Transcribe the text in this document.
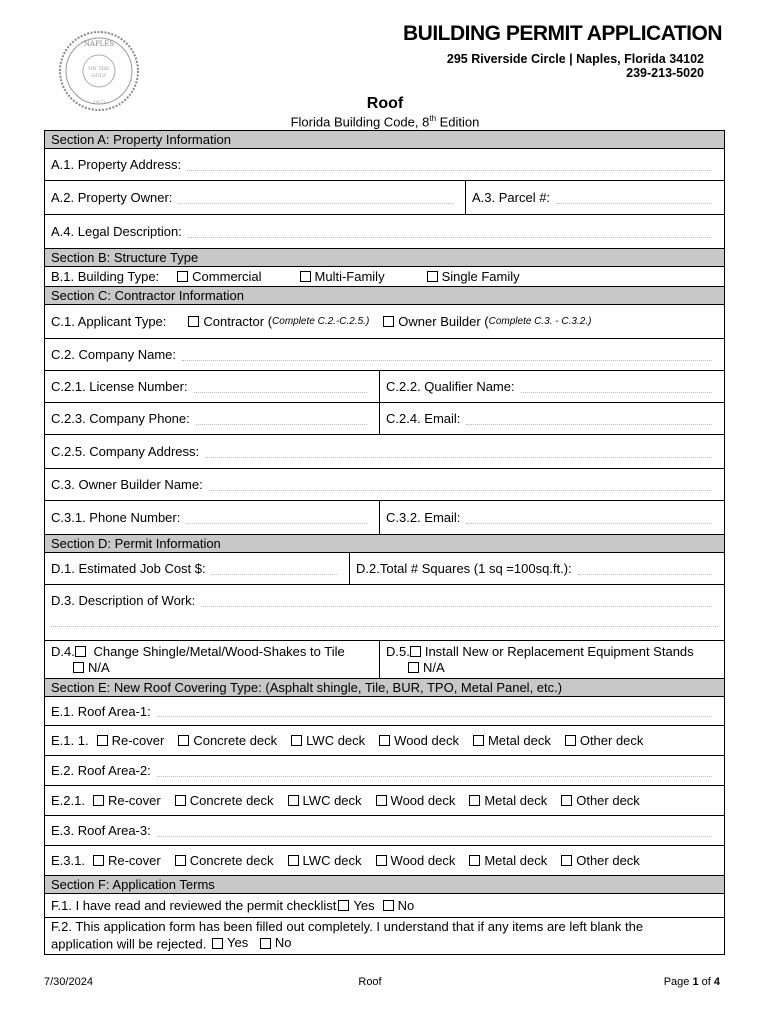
NAPLES
ON THE
GULF
1923
BUILDING PERMIT APPLICATION
295 Riverside Circle | Naples, Florida 34102
239-213-5020
Roof
Florida Building Code, 8th Edition
Section A: Property Information
A.1. Property Address:
A.2. Property Owner:	A.3. Parcel #:
A.4. Legal Description:
Section B: Structure Type
B.1. Building Type:	Commercial	Multi-Family	Single Family
Section C: Contractor Information
C.1. Applicant Type:	Contractor ( Complete C.2.-C.2.5.) Owner Builder ( Complete C.3. - C.3.2.)
C.2. Company Name:
C.2.1. License Number:	C.2.2. Qualifier Name:
C.2.3. Company Phone:	C.2.4. Email:
C.2.5. Company Address:
C.3. Owner Builder Name:
C.3.1. Phone Number:	C.3.2. Email:
Section D: Permit Information
D.1. Estimated Job Cost $:	D.2.Total # Squares (1 sq =100sq.ft.):
D.3. Description of Work:
D.4. Change Shingle/Metal/Wood-Shakes to Tile
N/A
D.5. Install New or Replacement Equipment Stands
N/A
Section E: New Roof Covering Type: (Asphalt shingle, Tile, BUR, TPO, Metal Panel, etc.)
E.1. Roof Area-1:
E.1. 1. Re-cover Concrete deck LWC deck Wood deck Metal deck Other deck
E.2. Roof Area-2:
E.2.1. Re-cover Concrete deck LWC deck Wood deck Metal deck Other deck
E.3. Roof Area-3:
E.3.1. Re-cover Concrete deck LWC deck Wood deck Metal deck Other deck
Section F: Application Terms
F.1. I have read and reviewed the permit checklist Yes No
F.2. This application form has been filled out completely. I understand that if any items are left blank the
application will be rejected. Yes
No
7/30/2024	Roof	Page 1 of 4
